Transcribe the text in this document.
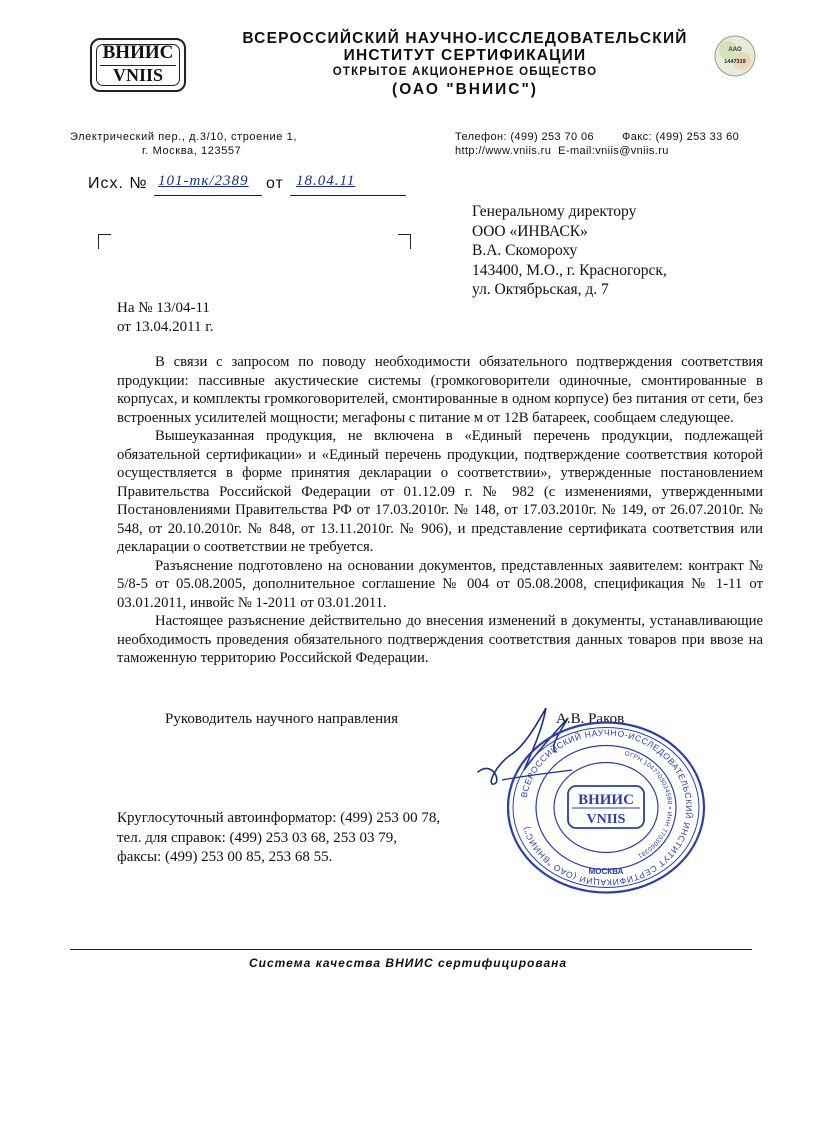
ВНИИС
VNIIS
ВСЕРОССИЙСКИЙ НАУЧНО-ИССЛЕДОВАТЕЛЬСКИЙ
ИНСТИТУТ СЕРТИФИКАЦИИ
ОТКРЫТОЕ АКЦИОНЕРНОЕ ОБЩЕСТВО
(ОАО "ВНИИС")
ААО
1447319
Электрический пер., д.3/10, строение 1,
г. Москва, 123557
Телефон: (499) 253 70 06	Факс: (499) 253 33 60
http://www.vniis.ru E-mail:vniis@vniis.ru
Исх. № 101-тк/2389 от 18.04.11
Генеральному директору
ООО «ИНВАСК»
В.А. Скомороху
143400, М.О., г. Красногорск,
ул. Октябрьская, д. 7
На № 13/04-11
от 13.04.2011 г.

В связи с запросом по поводу необходимости обязательного подтверждения соответствия продукции: пассивные акустические системы (громкоговорители одиночные, смонтированные в корпусах, и комплекты громкоговорителей, смонтированные в одном корпусе) без питания от сети, без встроенных усилителей мощности; мегафоны с питание м от 12В батареек, сообщаем следующее.

Вышеуказанная продукция, не включена в «Единый перечень продукции, подлежащей обязательной сертификации» и «Единый перечень продукции, подтверждение соответствия которой осуществляется в форме принятия декларации о соответствии», утвержденные постановлением Правительства Российской Федерации от 01.12.09 г. № 982 (с изменениями, утвержденными Постановлениями Правительства РФ от 17.03.2010г. № 148, от 17.03.2010г. № 149, от 26.07.2010г. № 548, от 20.10.2010г. № 848, от 13.11.2010г. № 906), и представление сертификата соответствия или декларации о соответствии не требуется.

Разъяснение подготовлено на основании документов, представленных заявителем: контракт № 5/8-5 от 05.08.2005, дополнительное соглашение № 004 от 05.08.2008, спецификация № 1-11 от 03.01.2011, инвойс № 1-2011 от 03.01.2011.

Настоящее разъяснение действительно до внесения изменений в документы, устанавливающие необходимость проведения обязательного подтверждения соответствия данных товаров при ввозе на таможенную территорию Российской Федерации.

Руководитель научного направления	А.В. Раков
ВСЕРОССИЙСКИЙ НАУЧНО-ИССЛЕДОВАТЕЛЬСКИЙ ИНСТИТУТ СЕРТИФИКАЦИИ (ОАО "ВНИИС")
ОГРН 1047703024588 • ИНН 7703060381
ВНИИС
VNIIS
МОСКВА
Круглосуточный автоинформатор: (499) 253 00 78,
тел. для справок: (499) 253 03 68, 253 03 79,
факсы: (499) 253 00 85, 253 68 55.
Система качества ВНИИС сертифицирована
